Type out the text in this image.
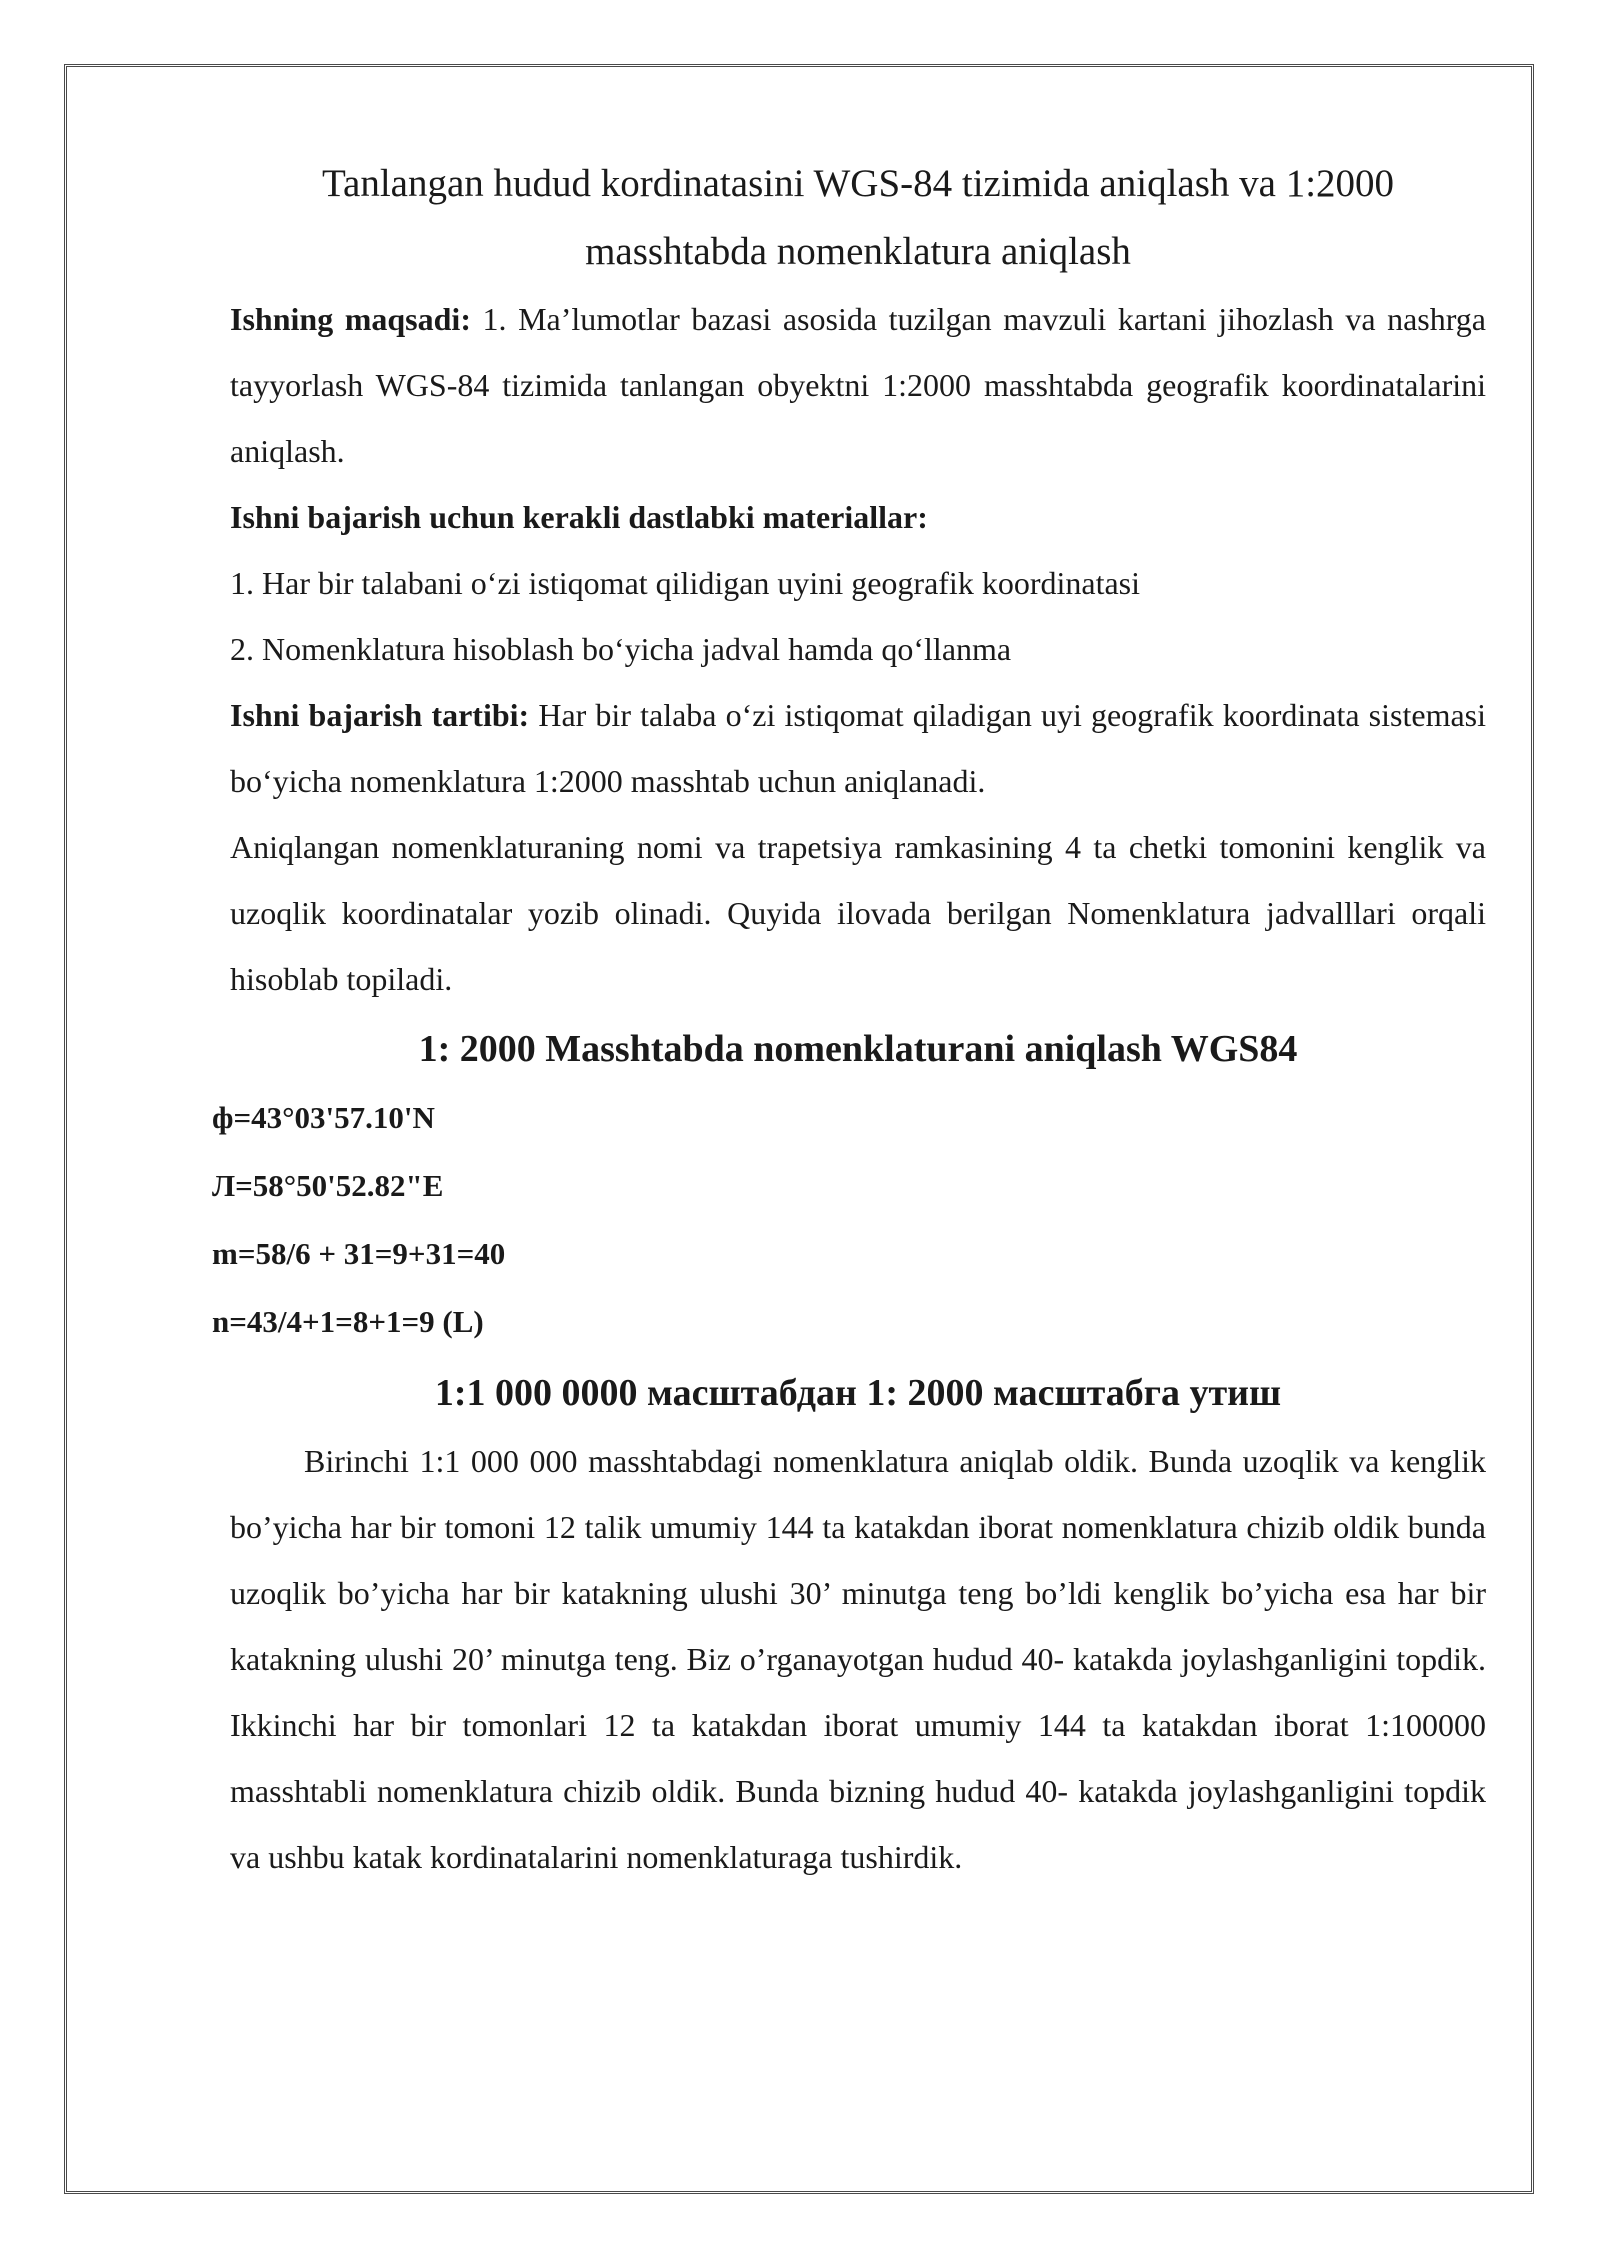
Tanlangan hudud kordinatasini WGS-84 tizimida aniqlash va 1:2000
masshtabda nomenklatura aniqlash

Ishning maqsadi: 1. Ma’lumotlar bazasi asosida tuzilgan mavzuli kartani jihozlash va nashrga tayyorlash WGS-84 tizimida tanlangan obyektni 1:2000 masshtabda geografik koordinatalarini aniqlash.

Ishni bajarish uchun kerakli dastlabki materiallar:

1. Har bir talabani o‘zi istiqomat qilidigan uyini geografik koordinatasi

2. Nomenklatura hisoblash bo‘yicha jadval hamda qo‘llanma

Ishni bajarish tartibi: Har bir talaba o‘zi istiqomat qiladigan uyi geografik koordinata sistemasi bo‘yicha nomenklatura 1:2000 masshtab uchun aniqlanadi.

Aniqlangan nomenklaturaning nomi va trapetsiya ramkasining 4 ta chetki tomonini kenglik va uzoqlik koordinatalar yozib olinadi. Quyida ilovada berilgan Nomenklatura jadvalllari orqali hisoblab topiladi.

1: 2000 Masshtabda nomenklaturani aniqlash WGS84
ф=43°03'57.10'N
Л=58°50'52.82"E
m=58/6 + 31=9+31=40
n=43/4+1=8+1=9 (L)
1:1 000 0000 масштабдан 1: 2000 масштабга утиш

Birinchi 1:1 000 000 masshtabdagi nomenklatura aniqlab oldik. Bunda uzoqlik va kenglik bo’yicha har bir tomoni 12 talik umumiy 144 ta katakdan iborat nomenklatura chizib oldik bunda uzoqlik bo’yicha har bir katakning ulushi 30’ minutga teng bo’ldi kenglik bo’yicha esa har bir katakning ulushi 20’ minutga teng. Biz o’rganayotgan hudud 40- katakda joylashganligini topdik. Ikkinchi har bir tomonlari 12 ta katakdan iborat umumiy 144 ta katakdan iborat 1:100000 masshtabli nomenklatura chizib oldik. Bunda bizning hudud 40- katakda joylashganligini topdik va ushbu katak kordinatalarini nomenklaturaga tushirdik.
